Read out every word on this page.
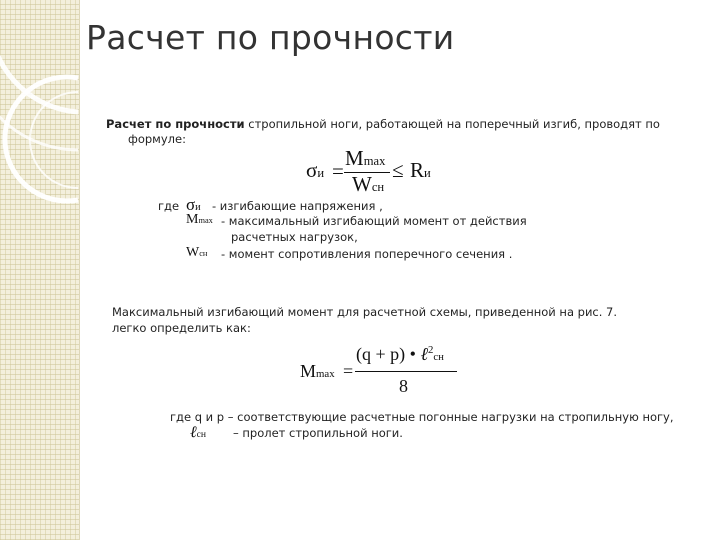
Расчет по прочности
Расчет по прочности стропильной ноги, работающей на поперечный изгиб, проводят по
формуле:
σи =
Mmax
Wсн
≤ Rи
где σи - изгибающие напряжения ,
Mmax - максимальный изгибающий момент от действия
расчетных нагрузок,
Wсн - момент сопротивления поперечного сечения .
Максимальный изгибающий момент для расчетной схемы, приведенной на рис. 7.
легко определить как:
Mmax =
(q + p) • ℓ$^2$сн
8
где q и p – соответствующие расчетные погонные нагрузки на стропильную ногу,
ℓсн – пролет стропильной ноги.
